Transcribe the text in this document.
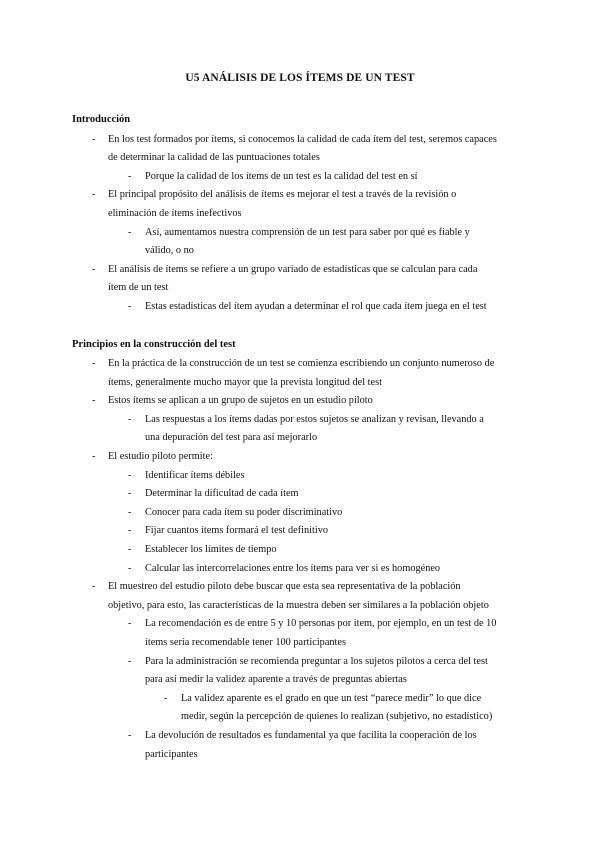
U5 ANÁLISIS DE LOS ÍTEMS DE UN TEST
Introducción
- En los test formados por ítems, si conocemos la calidad de cada ítem del test, seremos capaces
de determinar la calidad de las puntuaciones totales
- Porque la calidad de los ítems de un test es la calidad del test en sí
- El principal propósito del análisis de ítems es mejorar el test a través de la revisión o
eliminación de ítems inefectivos
- Así, aumentamos nuestra comprensión de un test para saber por qué es fiable y
válido, o no
- El análisis de ítems se refiere a un grupo variado de estadísticas que se calculan para cada
ítem de un test
- Estas estadísticas del ítem ayudan a determinar el rol que cada ítem juega en el test
Principios en la construcción del test
- En la práctica de la construcción de un test se comienza escribiendo un conjunto numeroso de
ítems, generalmente mucho mayor que la prevista longitud del test
- Estos ítems se aplican a un grupo de sujetos en un estudio piloto
- Las respuestas a los ítems dadas por estos sujetos se analizan y revisan, llevando a
una depuración del test para así mejorarlo
- El estudio piloto permite:
- Identificar ítems débiles
- Determinar la dificultad de cada ítem
- Conocer para cada ítem su poder discriminativo
- Fijar cuantos ítems formará el test definitivo
- Establecer los límites de tiempo
- Calcular las intercorrelaciones entre los ítems para ver si es homogéneo
- El muestreo del estudio piloto debe buscar que esta sea representativa de la población
objetivo, para esto, las características de la muestra deben ser similares a la población objeto
- La recomendación es de entre 5 y 10 personas por ítem, por ejemplo, en un test de 10
ítems sería recomendable tener 100 participantes
- Para la administración se recomienda preguntar a los sujetos pilotos a cerca del test
para así medir la validez aparente a través de preguntas abiertas
- La validez aparente es el grado en que un test “parece medir” lo que dice
medir, según la percepción de quienes lo realizan (subjetivo, no estadístico)
- La devolución de resultados es fundamental ya que facilita la cooperación de los
participantes
